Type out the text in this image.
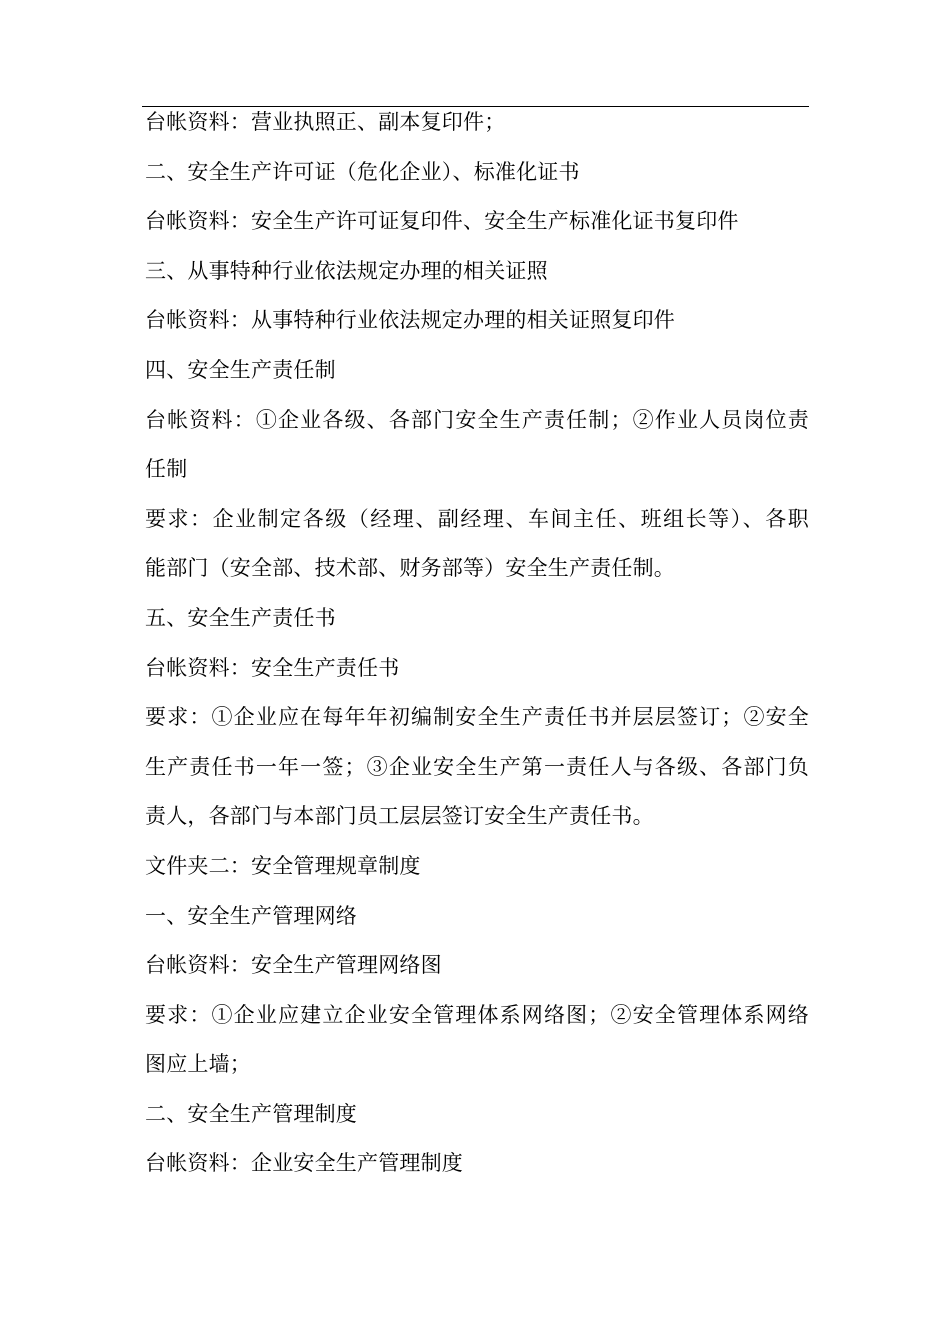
台帐资料：营业执照正、副本复印件；
二、安全生产许可证（危化企业）、标准化证书
台帐资料：安全生产许可证复印件、安全生产标准化证书复印件
三、从事特种行业依法规定办理的相关证照
台帐资料：从事特种行业依法规定办理的相关证照复印件
四、安全生产责任制
台帐资料：①企业各级、各部门安全生产责任制；②作业人员岗位责
任制
要求：企业制定各级（经理、副经理、车间主任、班组长等）、各职
能部门（安全部、技术部、财务部等）安全生产责任制。
五、安全生产责任书
台帐资料：安全生产责任书
要求：①企业应在每年年初编制安全生产责任书并层层签订；②安全
生产责任书一年一签；③企业安全生产第一责任人与各级、各部门负
责人，各部门与本部门员工层层签订安全生产责任书。
文件夹二：安全管理规章制度
一、安全生产管理网络
台帐资料：安全生产管理网络图
要求：①企业应建立企业安全管理体系网络图；②安全管理体系网络
图应上墙；
二、安全生产管理制度
台帐资料：企业安全生产管理制度
